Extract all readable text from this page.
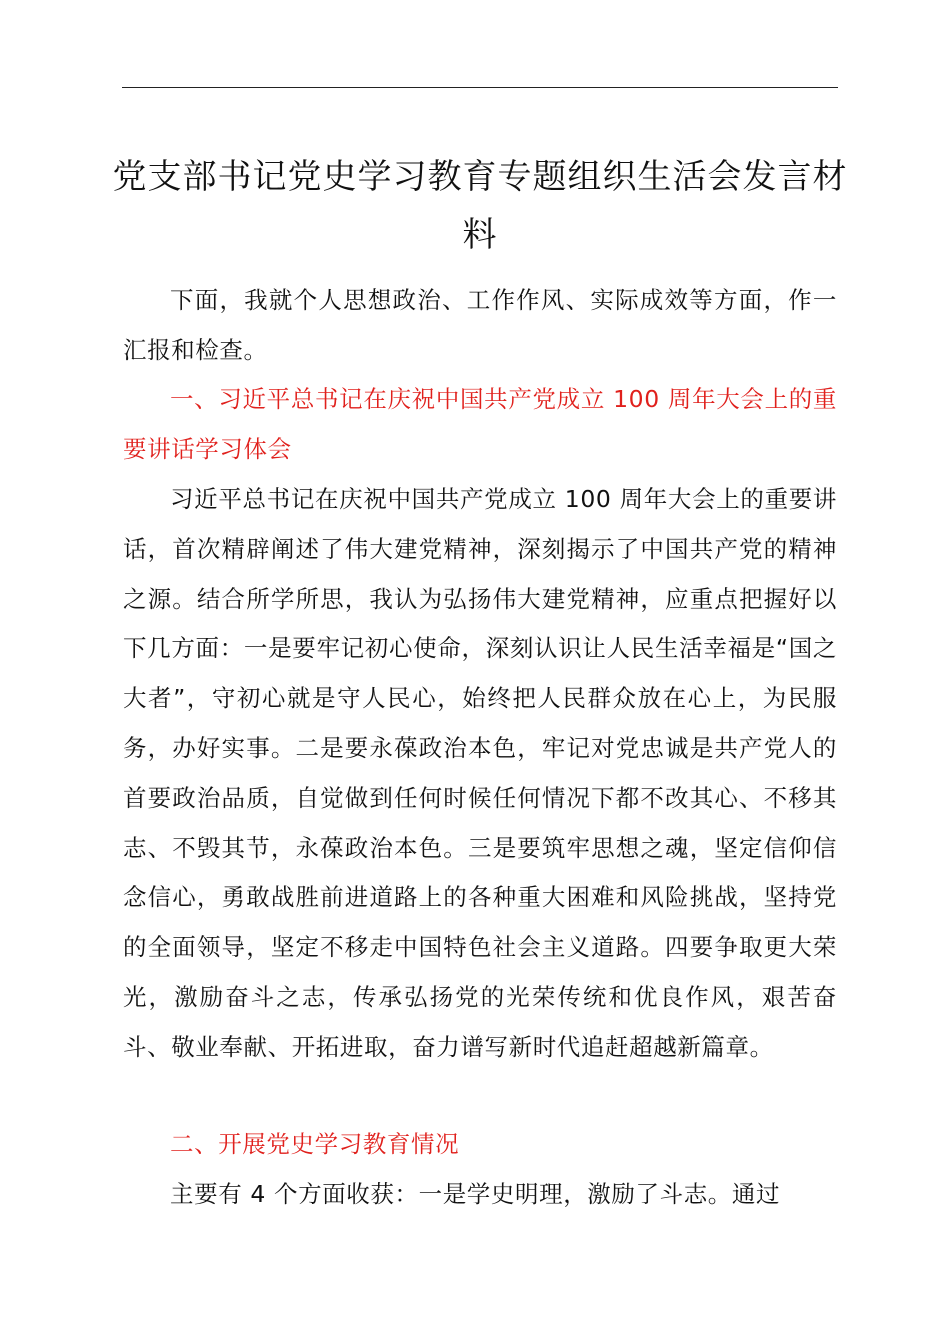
党支部书记党史学习教育专题组织生活会发言材料

下面，我就个人思想政治、工作作风、实际成效等方面，作一汇报和检查。

一、习近平总书记在庆祝中国共产党成立 100 周年大会上的重要讲话学习体会

习近平总书记在庆祝中国共产党成立 100 周年大会上的重要讲话，首次精辟阐述了伟大建党精神，深刻揭示了中国共产党的精神之源。结合所学所思，我认为弘扬伟大建党精神，应重点把握好以下几方面：一是要牢记初心使命，深刻认识让人民生活幸福是“国之大者”，守初心就是守人民心，始终把人民群众放在心上，为民服务，办好实事。二是要永葆政治本色，牢记对党忠诚是共产党人的首要政治品质，自觉做到任何时候任何情况下都不改其心、不移其志、不毁其节，永葆政治本色。三是要筑牢思想之魂，坚定信仰信念信心，勇敢战胜前进道路上的各种重大困难和风险挑战，坚持党的全面领导，坚定不移走中国特色社会主义道路。四要争取更大荣光，激励奋斗之志，传承弘扬党的光荣传统和优良作风，艰苦奋斗、敬业奉献、开拓进取，奋力谱写新时代追赶超越新篇章。

二、开展党史学习教育情况

主要有 4 个方面收获：一是学史明理，激励了斗志。通过
